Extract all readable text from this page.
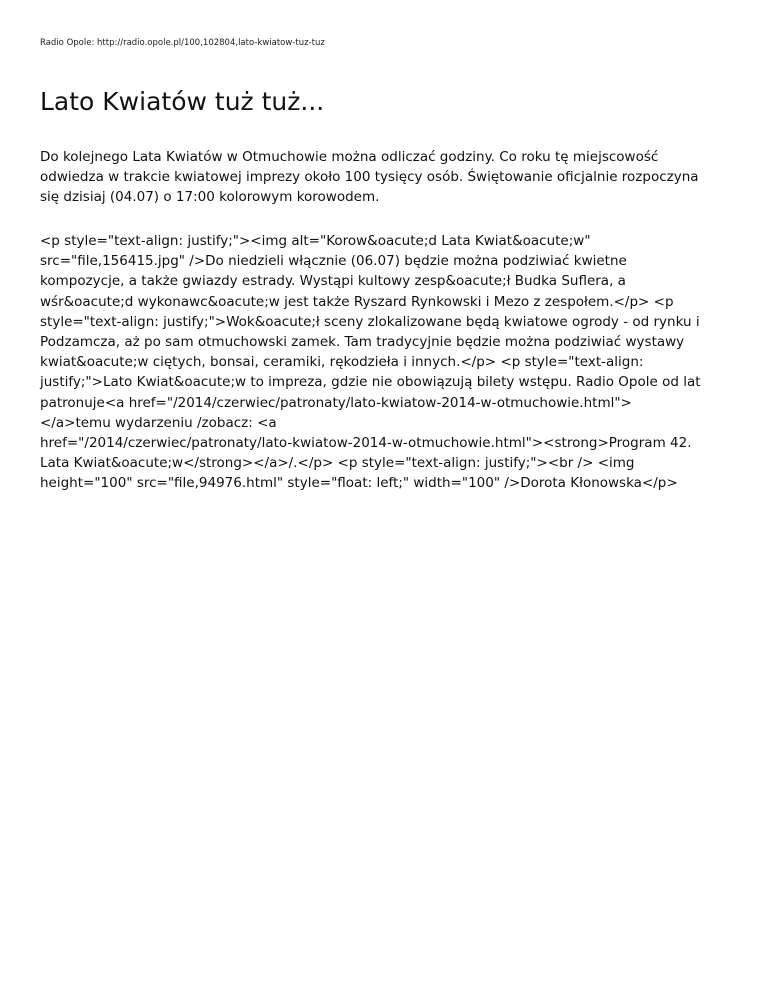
Radio Opole: http://radio.opole.pl/100,102804,lato-kwiatow-tuz-tuz
Lato Kwiatów tuż tuż...

Do kolejnego Lata Kwiatów w Otmuchowie można odliczać godziny. Co roku tę miejscowość
odwiedza w trakcie kwiatowej imprezy około 100 tysięcy osób. Świętowanie oficjalnie rozpoczyna
się dzisiaj (04.07) o 17:00 kolorowym korowodem.

<p style="text-align: justify;"><img alt="Korow&oacute;d Lata Kwiat&oacute;w"
src="file,156415.jpg" />Do niedzieli włącznie (06.07) będzie można podziwiać kwietne
kompozycje, a także gwiazdy estrady. Wystąpi kultowy zesp&oacute;ł Budka Suflera, a
wśr&oacute;d wykonawc&oacute;w jest także Ryszard Rynkowski i Mezo z zespołem.</p> <p
style="text-align: justify;">Wok&oacute;ł sceny zlokalizowane będą kwiatowe ogrody - od rynku i
Podzamcza, aż po sam otmuchowski zamek. Tam tradycyjnie będzie można podziwiać wystawy
kwiat&oacute;w ciętych, bonsai, ceramiki, rękodzieła i innych.</p> <p style="text-align:
justify;">Lato Kwiat&oacute;w to impreza, gdzie nie obowiązują bilety wstępu. Radio Opole od lat
patronuje<a href="/2014/czerwiec/patronaty/lato-kwiatow-2014-w-otmuchowie.html">
</a>temu wydarzeniu /zobacz: <a
href="/2014/czerwiec/patronaty/lato-kwiatow-2014-w-otmuchowie.html"><strong>Program 42.
Lata Kwiat&oacute;w</strong></a>/.</p> <p style="text-align: justify;"><br /> <img
height="100" src="file,94976.html" style="float: left;" width="100" />Dorota Kłonowska</p>
